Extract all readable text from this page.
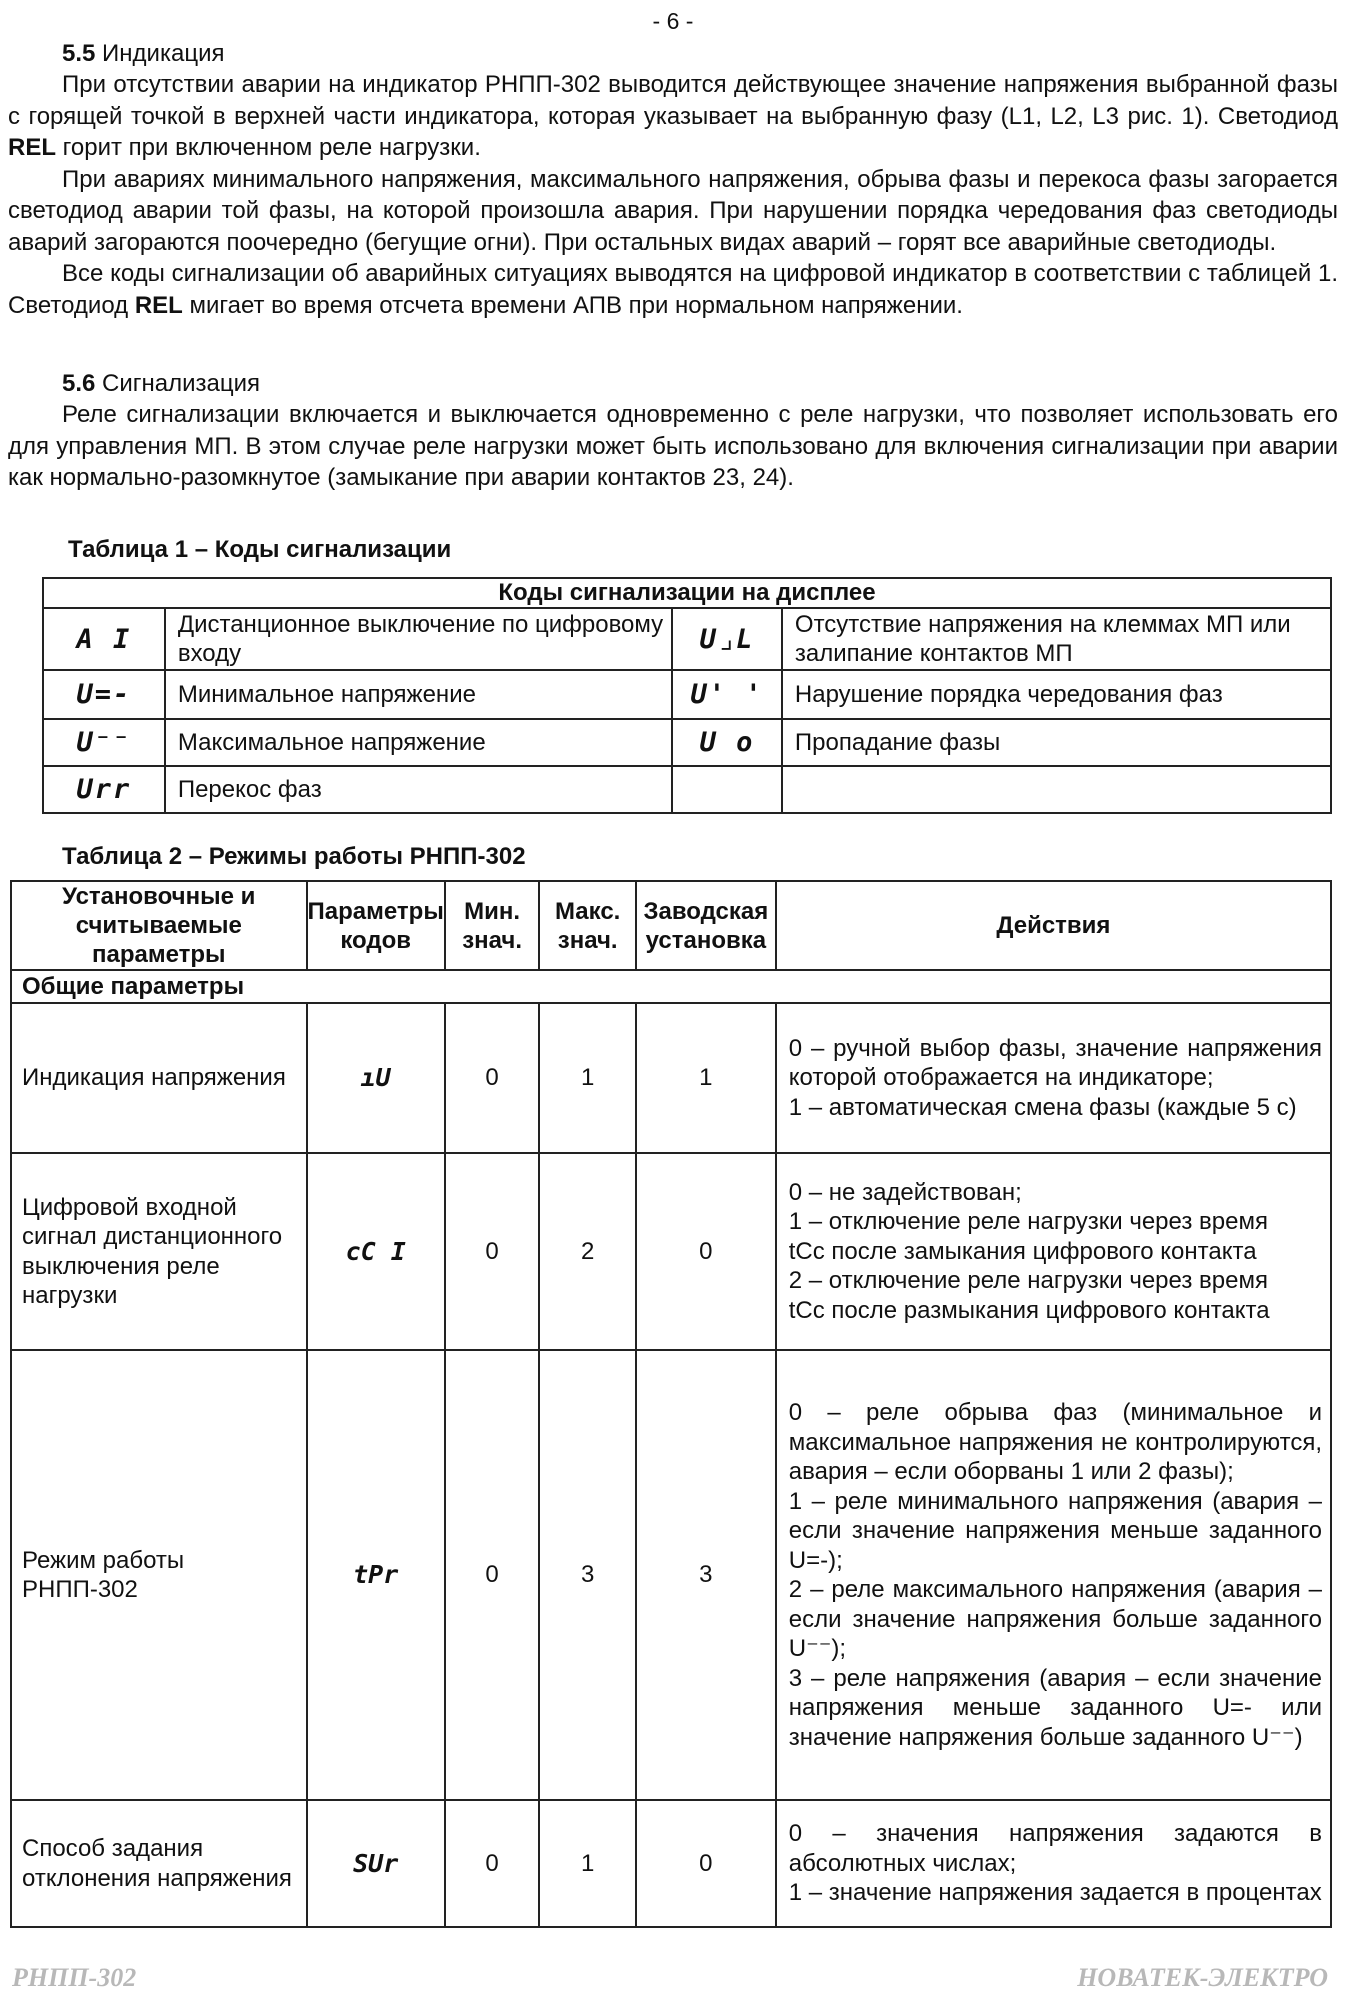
- 6 -
5.5 Индикация

При отсутствии аварии на индикатор РНПП-302 выводится действующее значение напряжения выбранной фазы с горящей точкой в верхней части индикатора, которая указывает на выбранную фазу (L1, L2, L3 рис. 1). Светодиод REL горит при включенном реле нагрузки.

При авариях минимального напряжения, максимального напряжения, обрыва фазы и перекоса фазы загорается светодиод аварии той фазы, на которой произошла авария. При нарушении порядка чередования фаз светодиоды аварий загораются поочередно (бегущие огни). При остальных видах аварий – горят все аварийные светодиоды.

Все коды сигнализации об аварийных ситуациях выводятся на цифровой индикатор в соответствии с таблицей 1. Светодиод REL мигает во время отсчета времени АПВ при нормальном напряжении.

5.6 Сигнализация

Реле сигнализации включается и выключается одновременно с реле нагрузки, что позволяет использовать его для управления МП. В этом случае реле нагрузки может быть использовано для включения сигнализации при аварии как нормально-разомкнутое (замыкание при аварии контактов 23, 24).

Таблица 1 – Коды сигнализации
Коды сигнализации на дисплее			
A I	Дистанционное выключение по цифровому входу	U⌟L	Отсутствие напряжения на клеммах МП или залипание контактов МП
U=-	Минимальное напряжение	U' '	Нарушение порядка чередования фаз
U⁻⁻	Максимальное напряжение	U o	Пропадание фазы
Urr	Перекос фаз		
Таблица 2 – Режимы работы РНПП-302
Установочные и считываемые параметры	Параметры кодов	Мин. знач.	Макс. знач.	Заводская установка	Действия
Общие параметры					
Индикация напряжения	ıU	0	1	1	0 – ручной выбор фазы, значение напряжения которой отображается на индикаторе;
1 – автоматическая смена фазы (каждые 5 с)

Цифровой входной сигнал дистанционного выключения реле нагрузки	cC I	0	2	0	0 – не задействован;
1 – отключение реле нагрузки через время
tCc после замыкания цифрового контакта
2 – отключение реле нагрузки через время
tCc после размыкания цифрового контакта

Режим работы РНПП-302	tPr	0	3	3	0 – реле обрыва фаз (минимальное и максимальное напряжения не контролируются, авария – если оборваны 1 или 2 фазы);
1 – реле минимального напряжения (авария – если значение напряжения меньше заданного U=-);
2 – реле максимального напряжения (авария – если значение напряжения больше заданного U⁻⁻);
3 – реле напряжения (авария – если значение напряжения меньше заданного U=- или значение напряжения больше заданного U⁻⁻)

Способ задания отклонения напряжения	SUr	0	1	0	0 – значения напряжения задаются в абсолютных числах;
1 – значение напряжения задается в процентах
РНПП-302	НОВАТЕК-ЭЛЕКТРО
